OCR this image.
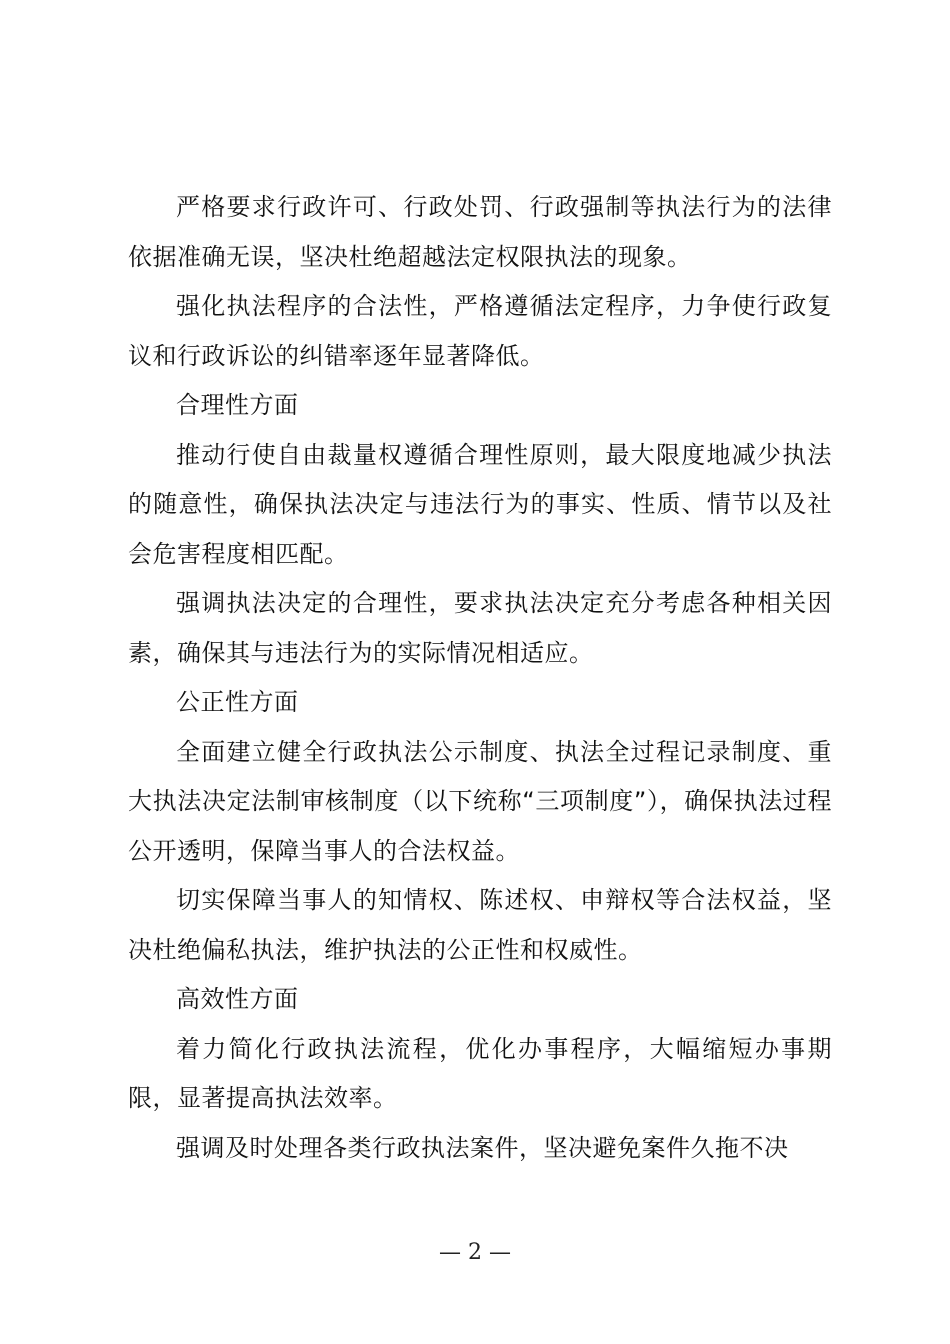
严格要求行政许可、行政处罚、行政强制等执法行为的法律依据准确无误，坚决杜绝超越法定权限执法的现象。

强化执法程序的合法性，严格遵循法定程序，力争使行政复议和行政诉讼的纠错率逐年显著降低。

合理性方面

推动行使自由裁量权遵循合理性原则，最大限度地减少执法的随意性，确保执法决定与违法行为的事实、性质、情节以及社会危害程度相匹配。

强调执法决定的合理性，要求执法决定充分考虑各种相关因素，确保其与违法行为的实际情况相适应。

公正性方面

全面建立健全行政执法公示制度、执法全过程记录制度、重大执法决定法制审核制度（以下统称“三项制度”），确保执法过程公开透明，保障当事人的合法权益。

切实保障当事人的知情权、陈述权、申辩权等合法权益，坚决杜绝偏私执法，维护执法的公正性和权威性。

高效性方面

着力简化行政执法流程，优化办事程序，大幅缩短办事期限，显著提高执法效率。

强调及时处理各类行政执法案件，坚决避免案件久拖不决

— 2 —
